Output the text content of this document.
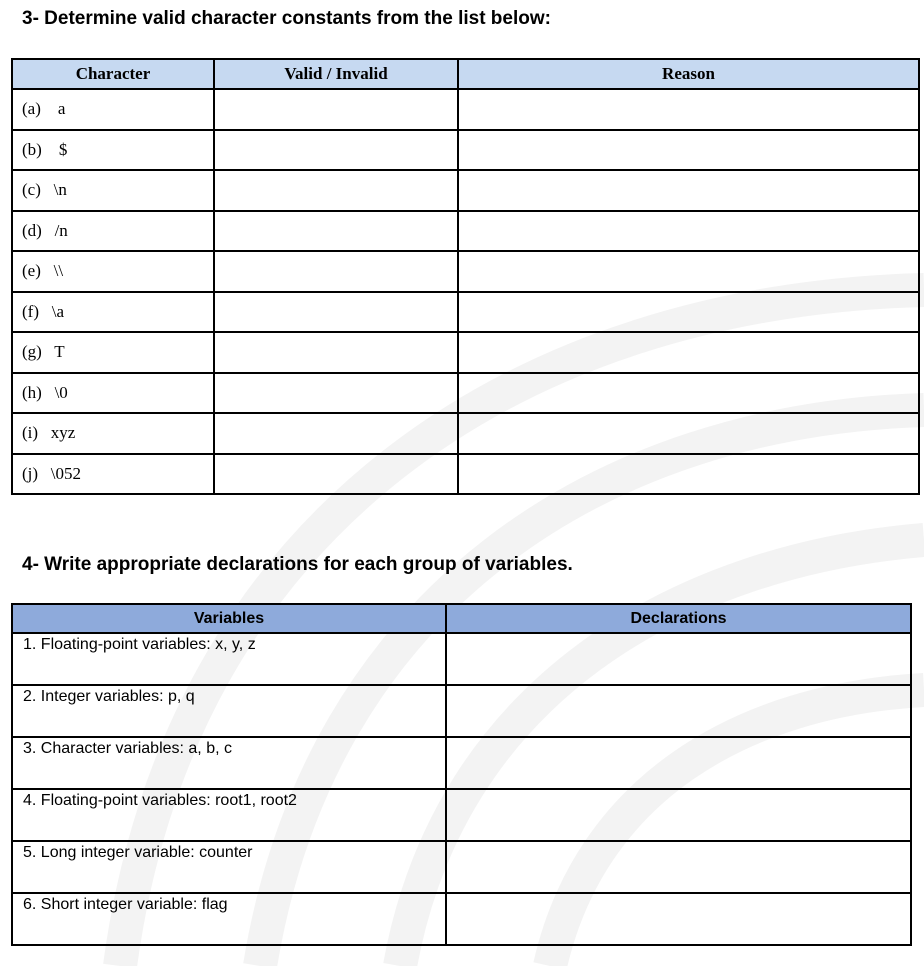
3- Determine valid character constants from the list below:
Character	Valid / Invalid	Reason
(a)    a		
(b)    $		
(c)   \n		
(d)   /n		
(e)   \\		
(f)   \a		
(g)   T		
(h)   \0		
(i)   xyz		
(j)   \052		
4- Write appropriate declarations for each group of variables.
Variables	Declarations
1. Floating-point variables: x, y, z	
2. Integer variables: p, q	
3. Character variables: a, b, c	
4. Floating-point variables: root1, root2	
5. Long integer variable: counter	
6. Short integer variable: flag	
